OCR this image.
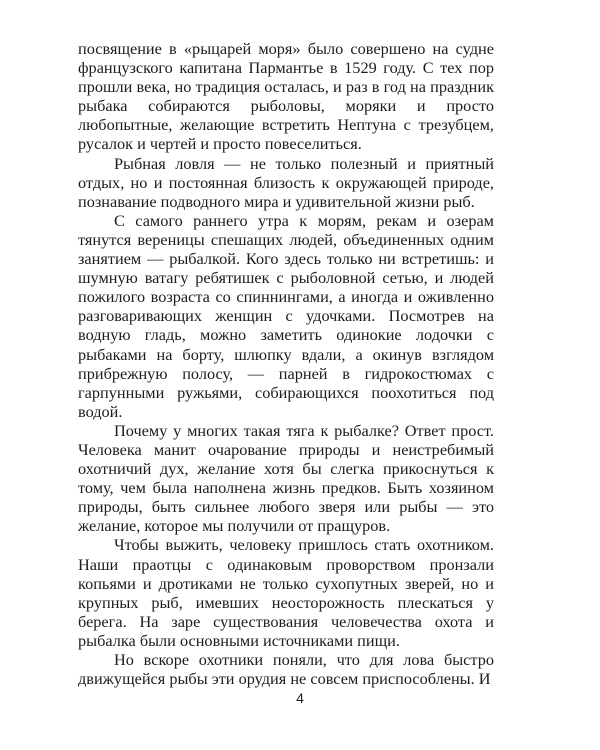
посвящение в «рыцарей моря» было совершено на судне французского капитана Пармантье в 1529 году. С тех пор прошли века, но традиция осталась, и раз в год на праздник рыбака собираются рыболовы, моряки и просто любопытные, желающие встретить Нептуна с трезубцем, русалок и чертей и просто повеселиться.

Рыбная ловля — не только полезный и приятный отдых, но и постоянная близость к окружающей природе, познавание подводного мира и удивительной жизни рыб.

С самого раннего утра к морям, рекам и озерам тянутся вереницы спешащих людей, объединенных одним занятием — рыбалкой. Кого здесь только ни встретишь: и шумную ватагу ребятишек с рыболовной сетью, и людей пожилого возраста со спиннингами, а иногда и оживленно разговаривающих женщин с удочками. Посмотрев на водную гладь, можно заметить одинокие лодочки с рыбаками на борту, шлюпку вдали, а окинув взглядом прибрежную полосу, — парней в гидрокостюмах с гарпунными ружьями, собирающихся поохотиться под водой.

Почему у многих такая тяга к рыбалке? Ответ прост. Человека манит очарование природы и неистребимый охотничий дух, желание хотя бы слегка прикоснуться к тому, чем была наполнена жизнь предков. Быть хозяином природы, быть сильнее любого зверя или рыбы — это желание, которое мы получили от пращуров.

Чтобы выжить, человеку пришлось стать охотником. Наши праотцы с одинаковым проворством пронзали копьями и дротиками не только сухопутных зверей, но и крупных рыб, имевших неосторожность плескаться у берега. На заре существования человечества охота и рыбалка были основными источниками пищи.

Но вскоре охотники поняли, что для лова быстро движущейся рыбы эти орудия не совсем приспособлены. И

4
